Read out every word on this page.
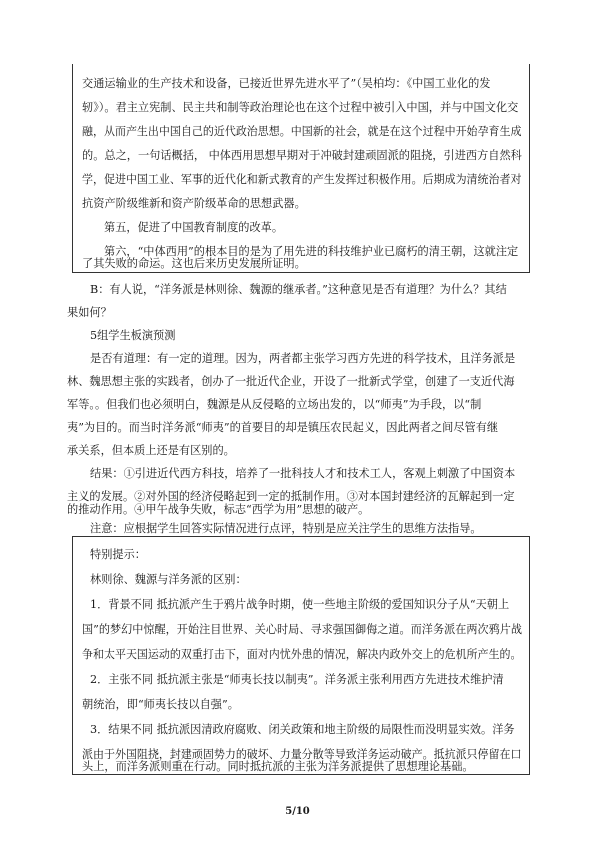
交通运输业的生产技术和设备，已接近世界先进水平了”（吴柏均：《中国工业化的发
轫》）。君主立宪制、民主共和制等政治理论也在这个过程中被引入中国，并与中国文化交
融，从而产生出中国自己的近代政治思想。中国新的社会，就是在这个过程中开始孕育生成
的。总之，一句话概括， 中体西用思想早期对于冲破封建顽固派的阻挠，引进西方自然科
学，促进中国工业、军事的近代化和新式教育的产生发挥过积极作用。后期成为清统治者对
抗资产阶级维新和资产阶级革命的思想武器。
第五，促进了中国教育制度的改革。
第六，“中体西用”的根本目的是为了用先进的科技维护业已腐朽的清王朝，这就注定
了其失败的命运。这也后来历史发展所证明。
B：有人说，“洋务派是林则徐、魏源的继承者。”这种意见是否有道理？为什么？其结
果如何？
5组学生板演预测
是否有道理：有一定的道理。因为，两者都主张学习西方先进的科学技术，且洋务派是
林、魏思想主张的实践者，创办了一批近代企业，开设了一批新式学堂，创建了一支近代海
军等。。但我们也必须明白，魏源是从反侵略的立场出发的，以“师夷”为手段，以“制
夷”为目的。而当时洋务派“师夷”的首要目的却是镇压农民起义，因此两者之间尽管有继
承关系，但本质上还是有区别的。
结果：①引进近代西方科技，培养了一批科技人才和技术工人，客观上刺激了中国资本
主义的发展。②对外国的经济侵略起到一定的抵制作用。③对本国封建经济的瓦解起到一定
的推动作用。④甲午战争失败，标志“西学为用”思想的破产。
注意：应根据学生回答实际情况进行点评，特别是应关注学生的思维方法指导。
特别提示：
林则徐、魏源与洋务派的区别：
1．背景不同 抵抗派产生于鸦片战争时期，使一些地主阶级的爱国知识分子从“天朝上
国”的梦幻中惊醒，开始注目世界、关心时局、寻求强国御侮之道。而洋务派在两次鸦片战
争和太平天国运动的双重打击下，面对内忧外患的情况，解决内政外交上的危机所产生的。
2．主张不同 抵抗派主张是“师夷长技以制夷”。洋务派主张利用西方先进技术维护清
朝统治，即“师夷长技以自强”。
3．结果不同 抵抗派因清政府腐败、闭关政策和地主阶级的局限性而没明显实效。洋务
派由于外国阻挠，封建顽固势力的破坏、力量分散等导致洋务运动破产。抵抗派只停留在口
头上，而洋务派则重在行动。同时抵抗派的主张为洋务派提供了思想理论基础。
5/10
